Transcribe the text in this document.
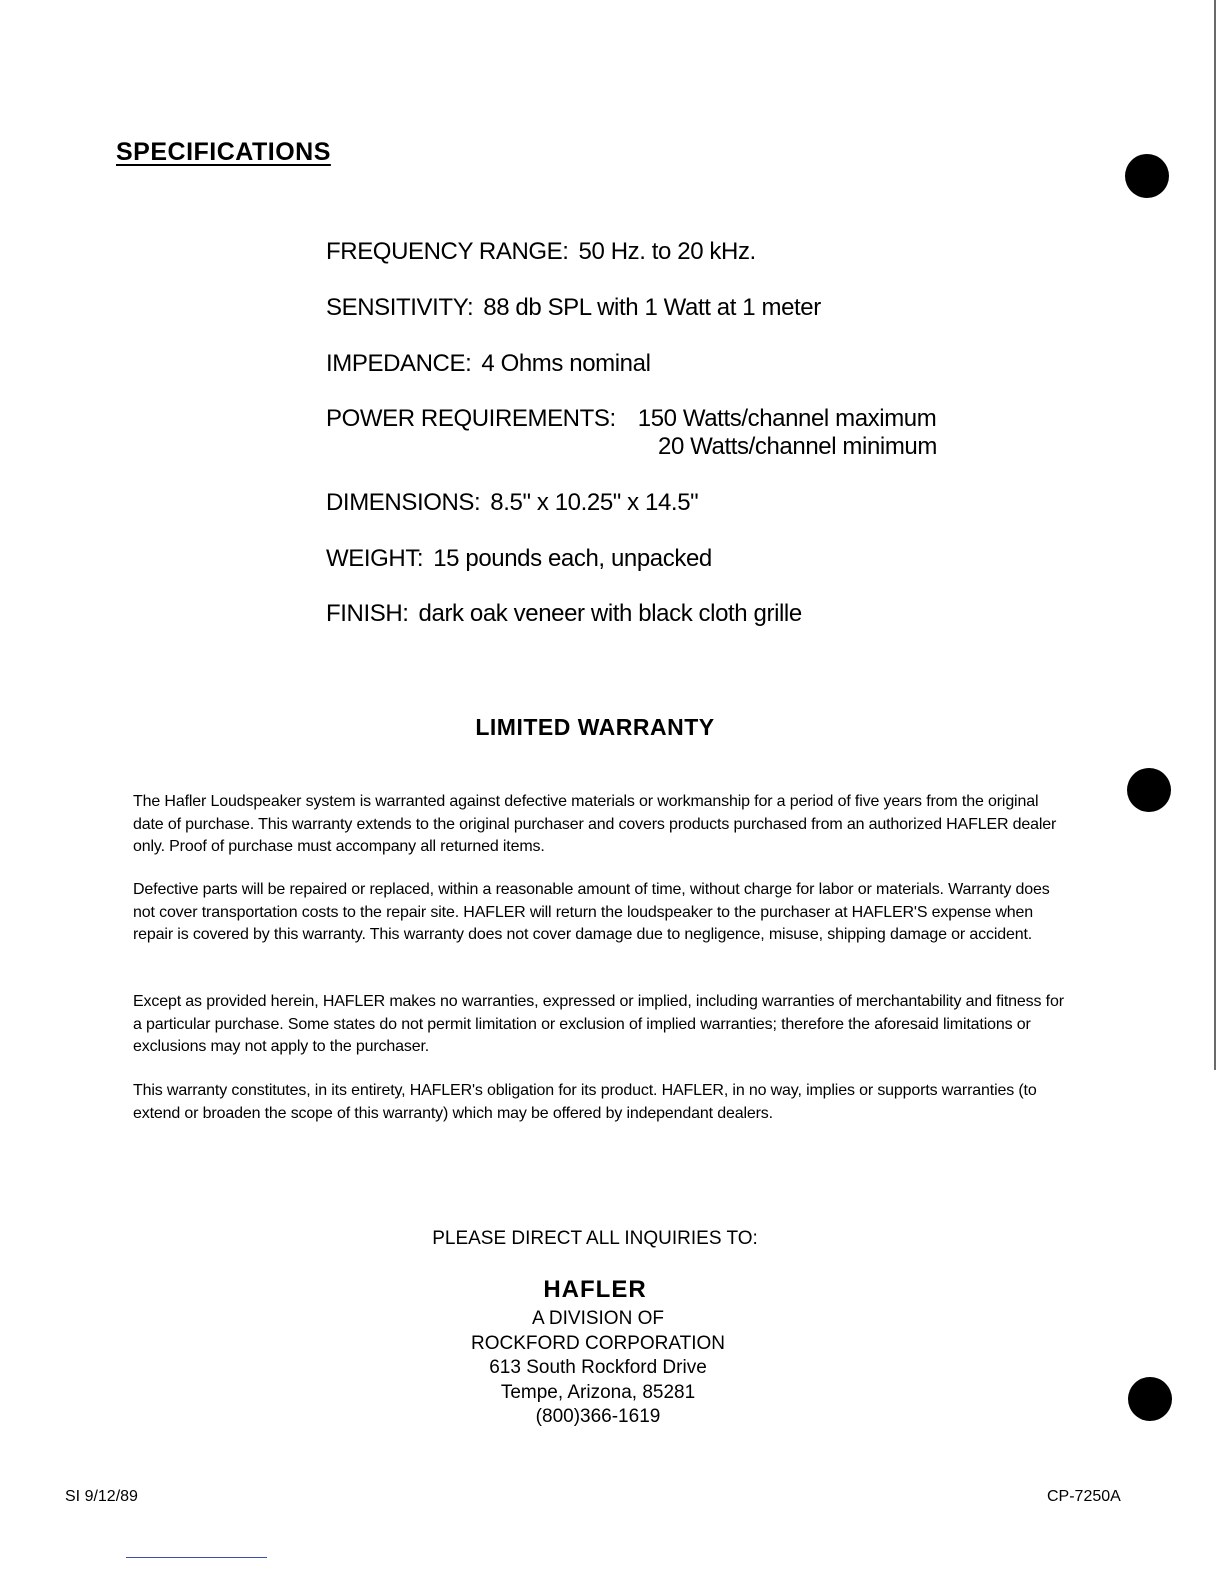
SPECIFICATIONS
FREQUENCY RANGE: 50 Hz. to 20 kHz.
SENSITIVITY: 88 db SPL with 1 Watt at 1 meter
IMPEDANCE: 4 Ohms nominal
POWER REQUIREMENTS: 150 Watts/channel maximum
20 Watts/channel minimum
DIMENSIONS: 8.5" x 10.25" x 14.5"
WEIGHT: 15 pounds each, unpacked
FINISH: dark oak veneer with black cloth grille
LIMITED WARRANTY
The Hafler Loudspeaker system is warranted against defective materials or workmanship for a period of five years from the original date of purchase. This warranty extends to the original purchaser and covers products purchased from an authorized HAFLER dealer only. Proof of purchase must accompany all returned items.
Defective parts will be repaired or replaced, within a reasonable amount of time, without charge for labor or materials. Warranty does not cover transportation costs to the repair site. HAFLER will return the loudspeaker to the purchaser at HAFLER'S expense when repair is covered by this warranty. This warranty does not cover damage due to negligence, misuse, shipping damage or accident.
Except as provided herein, HAFLER makes no warranties, expressed or implied, including warranties of merchantability and fitness for a particular purchase. Some states do not permit limitation or exclusion of implied warranties; therefore the aforesaid limitations or exclusions may not apply to the purchaser.
This warranty constitutes, in its entirety, HAFLER's obligation for its product. HAFLER, in no way, implies or supports warranties (to extend or broaden the scope of this warranty) which may be offered by independant dealers.
PLEASE DIRECT ALL INQUIRIES TO:
HAFLER
A DIVISION OF
ROCKFORD CORPORATION
613 South Rockford Drive
Tempe, Arizona, 85281
(800)366-1619
SI 9/12/89	CP-7250A
